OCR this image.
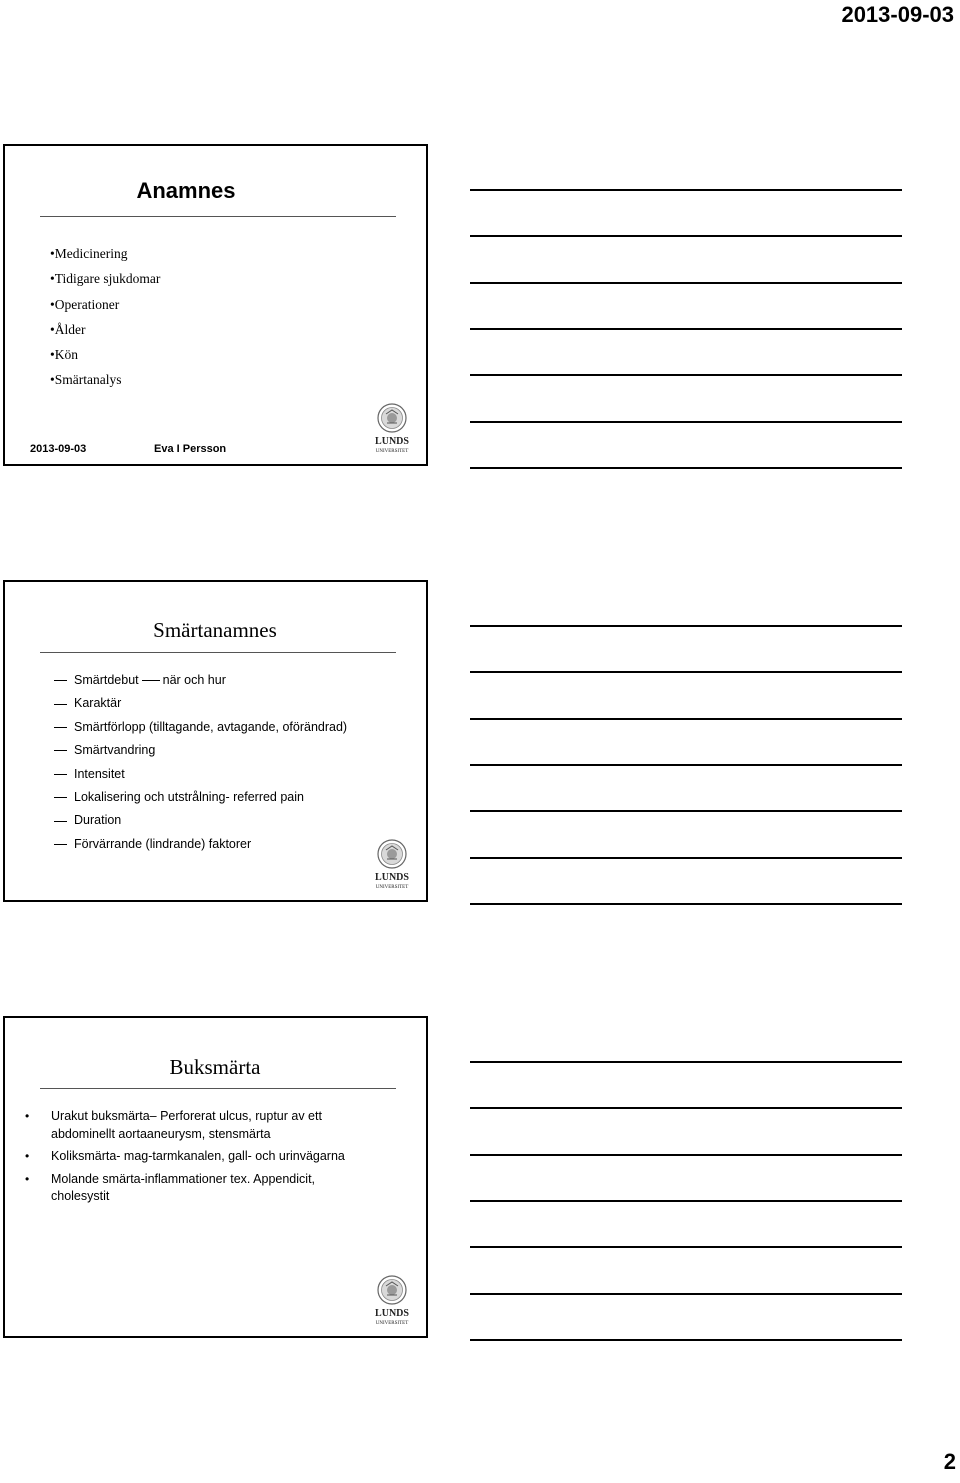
2013-09-03
Anamnes
• Medicinering
• Tidigare sjukdomar
• Operationer
• Ålder
• Kön
• Smärtanalys
2013-09-03	Eva I Persson
LUNDS
UNIVERSITET
Smärtanamnes
Smärtdebut när och hur
Karaktär
Smärtförlopp (tilltagande, avtagande, oförändrad)
Smärtvandring
Intensitet
Lokalisering och utstrålning- referred pain
Duration
Förvärrande (lindrande) faktorer
LUNDS
UNIVERSITET
Buksmärta
• Urakut buksmärta– Perforerat ulcus, ruptur av ett abdominellt aortaaneurysm, stensmärta
• Koliksmärta- mag-tarmkanalen, gall- och urinvägarna
• Molande smärta-inflammationer tex. Appendicit, cholesystit
LUNDS
UNIVERSITET
2
